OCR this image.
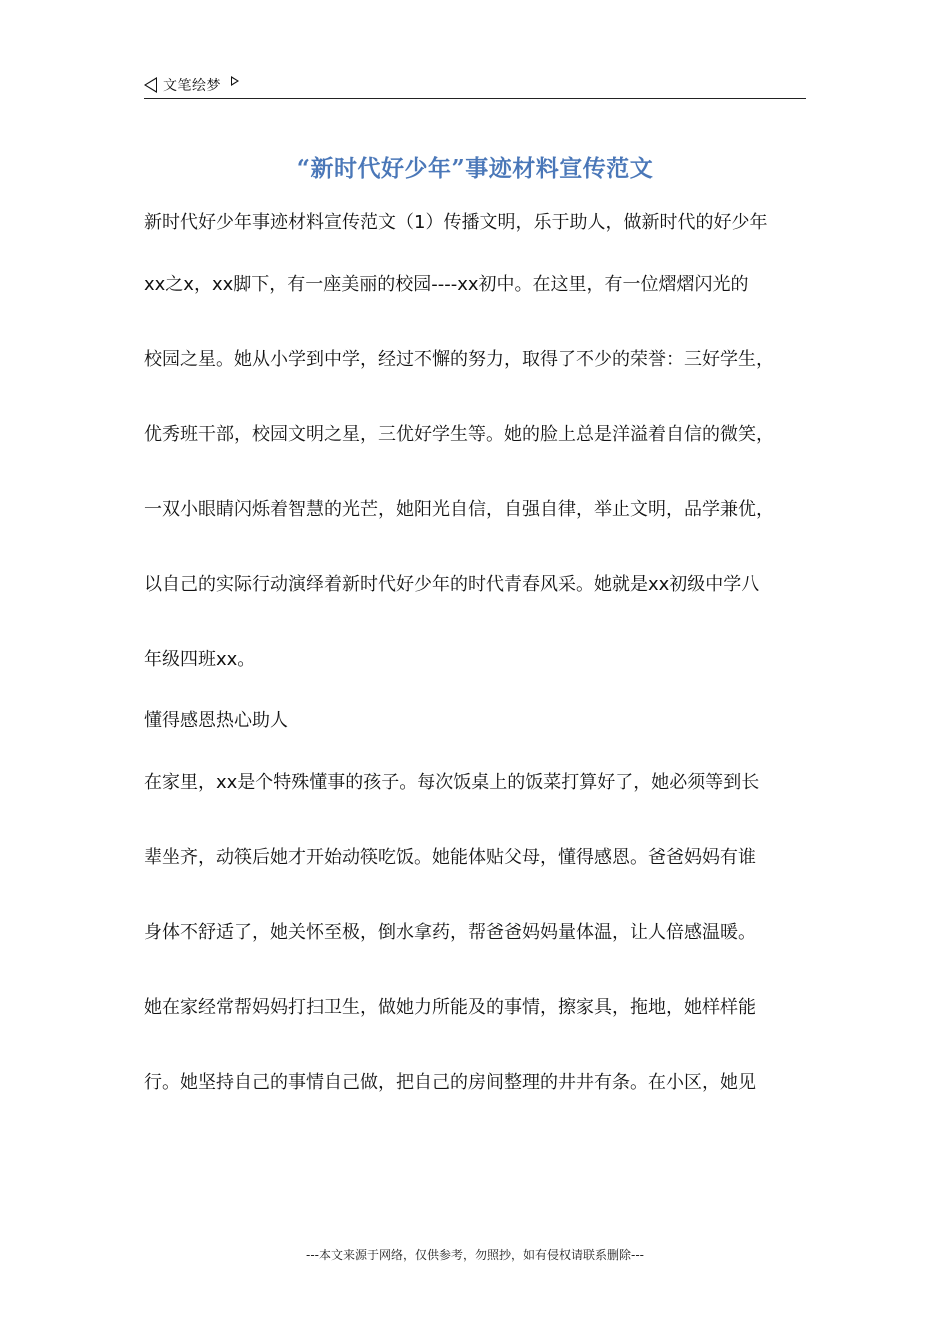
文笔绘梦
“新时代好少年”事迹材料宣传范文
新时代好少年事迹材料宣传范文（1）传播文明，乐于助人，做新时代的好少年
xx之x，xx脚下，有一座美丽的校园----xx初中。在这里，有一位熠熠闪光的
校园之星。她从小学到中学，经过不懈的努力，取得了不少的荣誉：三好学生，
优秀班干部，校园文明之星，三优好学生等。她的脸上总是洋溢着自信的微笑，
一双小眼睛闪烁着智慧的光芒，她阳光自信，自强自律，举止文明，品学兼优，
以自己的实际行动演绎着新时代好少年的时代青春风采。她就是xx初级中学八
年级四班xx。
懂得感恩热心助人
在家里，xx是个特殊懂事的孩子。每次饭桌上的饭菜打算好了，她必须等到长
辈坐齐，动筷后她才开始动筷吃饭。她能体贴父母，懂得感恩。爸爸妈妈有谁
身体不舒适了，她关怀至极，倒水拿药，帮爸爸妈妈量体温，让人倍感温暖。
她在家经常帮妈妈打扫卫生，做她力所能及的事情，擦家具，拖地，她样样能
行。她坚持自己的事情自己做，把自己的房间整理的井井有条。在小区，她见
---本文来源于网络，仅供参考，勿照抄，如有侵权请联系删除---
